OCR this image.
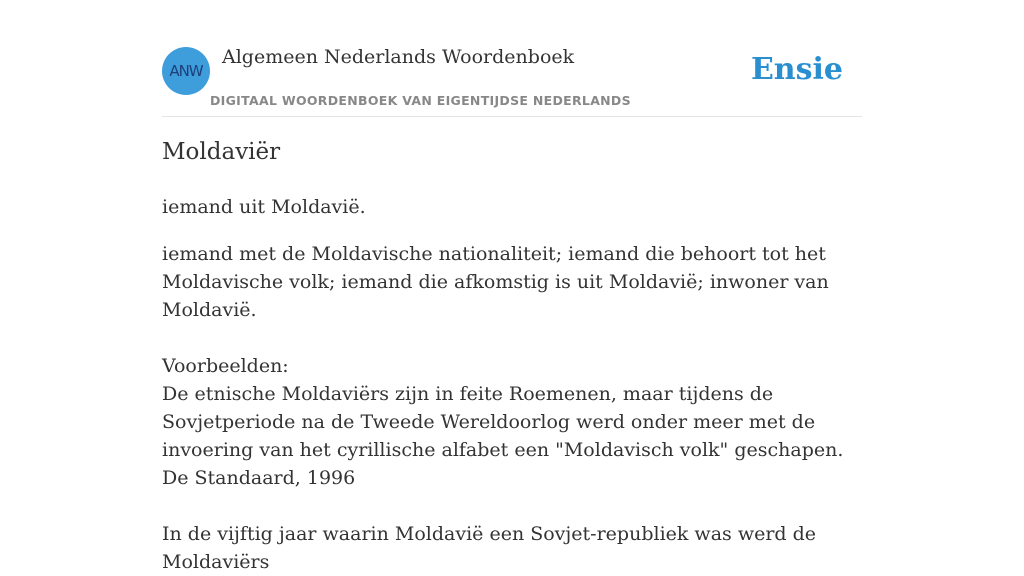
ANW
Algemeen Nederlands Woordenboek
DIGITAAL WOORDENBOEK VAN EIGENTIJDSE NEDERLANDS
Ensie
Moldaviër

iemand uit Moldavië.

iemand met de Moldavische nationaliteit; iemand die behoort tot het Moldavische volk; iemand die afkomstig is uit Moldavië; inwoner van Moldavië.

Voorbeelden:

De etnische Moldaviërs zijn in feite Roemenen, maar tijdens de Sovjetperiode na de Tweede Wereldoorlog werd onder meer met de invoering van het cyrillische alfabet een "Moldavisch volk" geschapen.

De Standaard, 1996

In de vijftig jaar waarin Moldavië een Sovjet-republiek was werd de Moldaviërs
